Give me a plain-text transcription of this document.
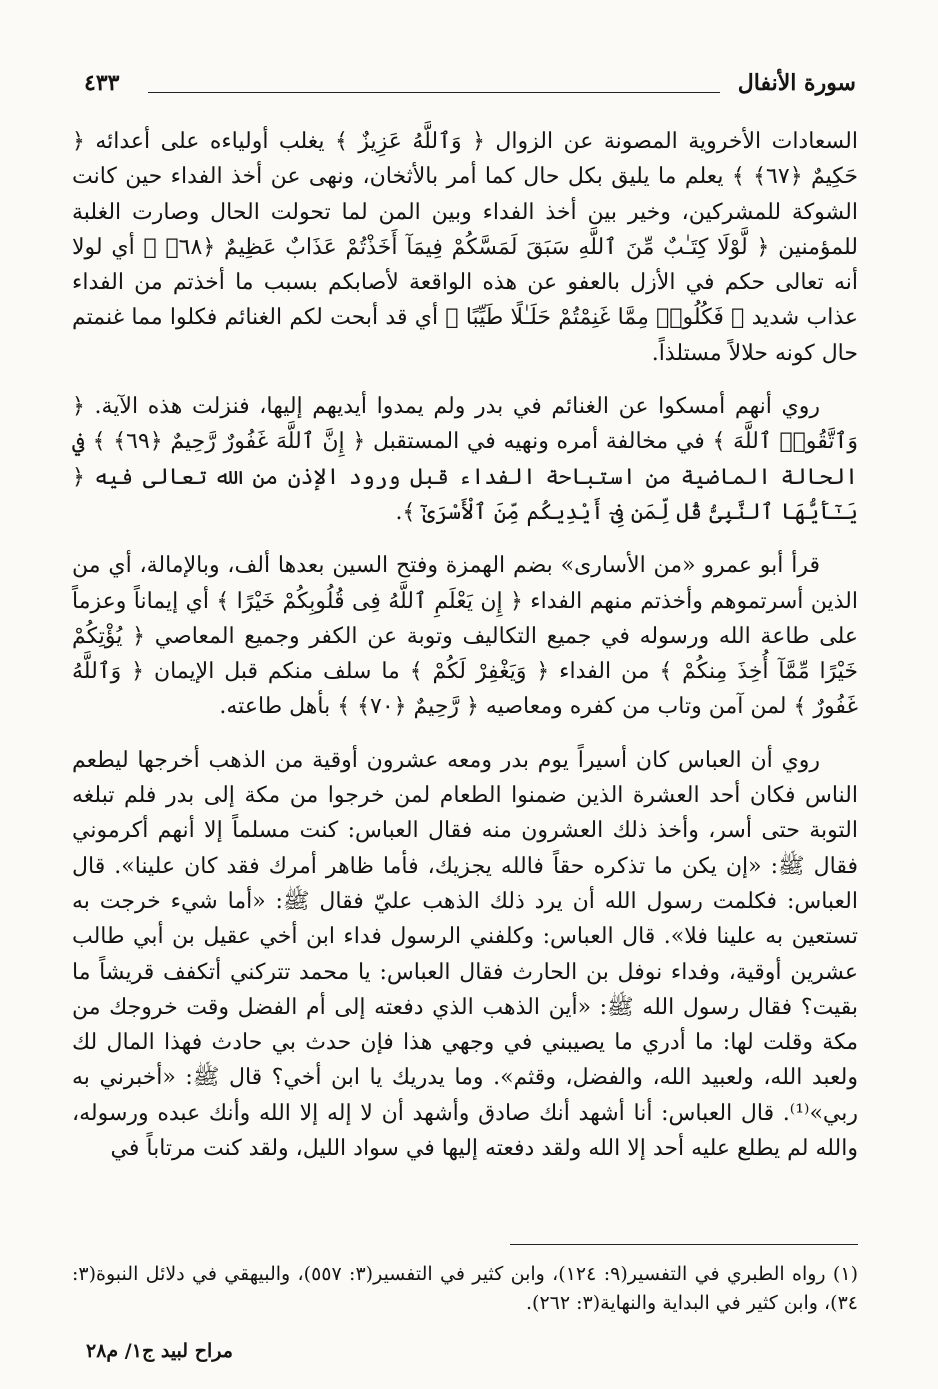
سورة الأنفال
٤٣٣

السعادات الأخروية المصونة عن الزوال ﴿ وَٱللَّهُ عَزِيزٌ ﴾ يغلب أولياءه على أعدائه ﴿ حَكِيمٌ ﴿٦٧﴾ ﴾ يعلم ما يليق بكل حال كما أمر بالأثخان، ونهى عن أخذ الفداء حين كانت الشوكة للمشركين، وخير بين أخذ الفداء وبين المن لما تحولت الحال وصارت الغلبة للمؤمنين ﴿ لَّوْلَا كِتَـٰبٌ مِّنَ ٱللَّهِ سَبَقَ لَمَسَّكُمْ فِيمَآ أَخَذْتُمْ عَذَابٌ عَظِيمٌ ﴿٦٨﴾ ﴾ أي لولا أنه تعالى حكم في الأزل بالعفو عن هذه الواقعة لأصابكم بسبب ما أخذتم من الفداء عذاب شديد ﴿ فَكُلُوا۟ مِمَّا غَنِمْتُمْ حَلَـٰلًا طَيِّبًا ﴾ أي قد أبحت لكم الغنائم فكلوا مما غنمتم حال كونه حلالاً مستلذاً.

روي أنهم أمسكوا عن الغنائم في بدر ولم يمدوا أيديهم إليها، فنزلت هذه الآية. ﴿ وَٱتَّقُوا۟ ٱللَّهَ ﴾ في مخالفة أمره ونهيه في المستقبل ﴿ إِنَّ ٱللَّهَ غَفُورٌ رَّحِيمٌ ﴿٦٩﴾ ﴾ في الحالة الماضية من استباحة الفداء قبل ورود الإذن من الله تعالى فيه ﴿ يَـٰٓأَيُّهَا ٱلنَّبِىُّ قُل لِّمَن فِىٓ أَيْدِيكُم مِّنَ ٱلْأَسْرَىٰٓ ﴾.

قرأ أبو عمرو «من الأسارى» بضم الهمزة وفتح السين بعدها ألف، وبالإمالة، أي من الذين أسرتموهم وأخذتم منهم الفداء ﴿ إِن يَعْلَمِ ٱللَّهُ فِى قُلُوبِكُمْ خَيْرًا ﴾ أي إيماناً وعزماً على طاعة الله ورسوله في جميع التكاليف وتوبة عن الكفر وجميع المعاصي ﴿ يُؤْتِكُمْ خَيْرًا مِّمَّآ أُخِذَ مِنكُمْ ﴾ من الفداء ﴿ وَيَغْفِرْ لَكُمْ ﴾ ما سلف منكم قبل الإيمان ﴿ وَٱللَّهُ غَفُورٌ ﴾ لمن آمن وتاب من كفره ومعاصيه ﴿ رَّحِيمٌ ﴿٧٠﴾ ﴾ بأهل طاعته.

روي أن العباس كان أسيراً يوم بدر ومعه عشرون أوقية من الذهب أخرجها ليطعم الناس فكان أحد العشرة الذين ضمنوا الطعام لمن خرجوا من مكة إلى بدر فلم تبلغه التوبة حتى أسر، وأخذ ذلك العشرون منه فقال العباس: كنت مسلماً إلا أنهم أكرموني فقال ﷺ: «إن يكن ما تذكره حقاً فالله يجزيك، فأما ظاهر أمرك فقد كان علينا». قال العباس: فكلمت رسول الله أن يرد ذلك الذهب عليّ فقال ﷺ: «أما شيء خرجت به تستعين به علينا فلا». قال العباس: وكلفني الرسول فداء ابن أخي عقيل بن أبي طالب عشرين أوقية، وفداء نوفل بن الحارث فقال العباس: يا محمد تتركني أتكفف قريشاً ما بقيت؟ فقال رسول الله ﷺ: «أين الذهب الذي دفعته إلى أم الفضل وقت خروجك من مكة وقلت لها: ما أدري ما يصيبني في وجهي هذا فإن حدث بي حادث فهذا المال لك ولعبد الله، ولعبيد الله، والفضل، وقثم». وما يدريك يا ابن أخي؟ قال ﷺ: «أخبرني به ربي»⁽¹⁾. قال العباس: أنا أشهد أنك صادق وأشهد أن لا إله إلا الله وأنك عبده ورسوله، والله لم يطلع عليه أحد إلا الله ولقد دفعته إليها في سواد الليل، ولقد كنت مرتاباً في

(١) رواه الطبري في التفسير(٩: ١٢٤)، وابن كثير في التفسير(٣: ٥٥٧)، والبيهقي في دلائل النبوة(٣: ٣٤)، وابن كثير في البداية والنهاية(٣: ٢٦٢).

مراح لبيد ج١/ م٢٨
